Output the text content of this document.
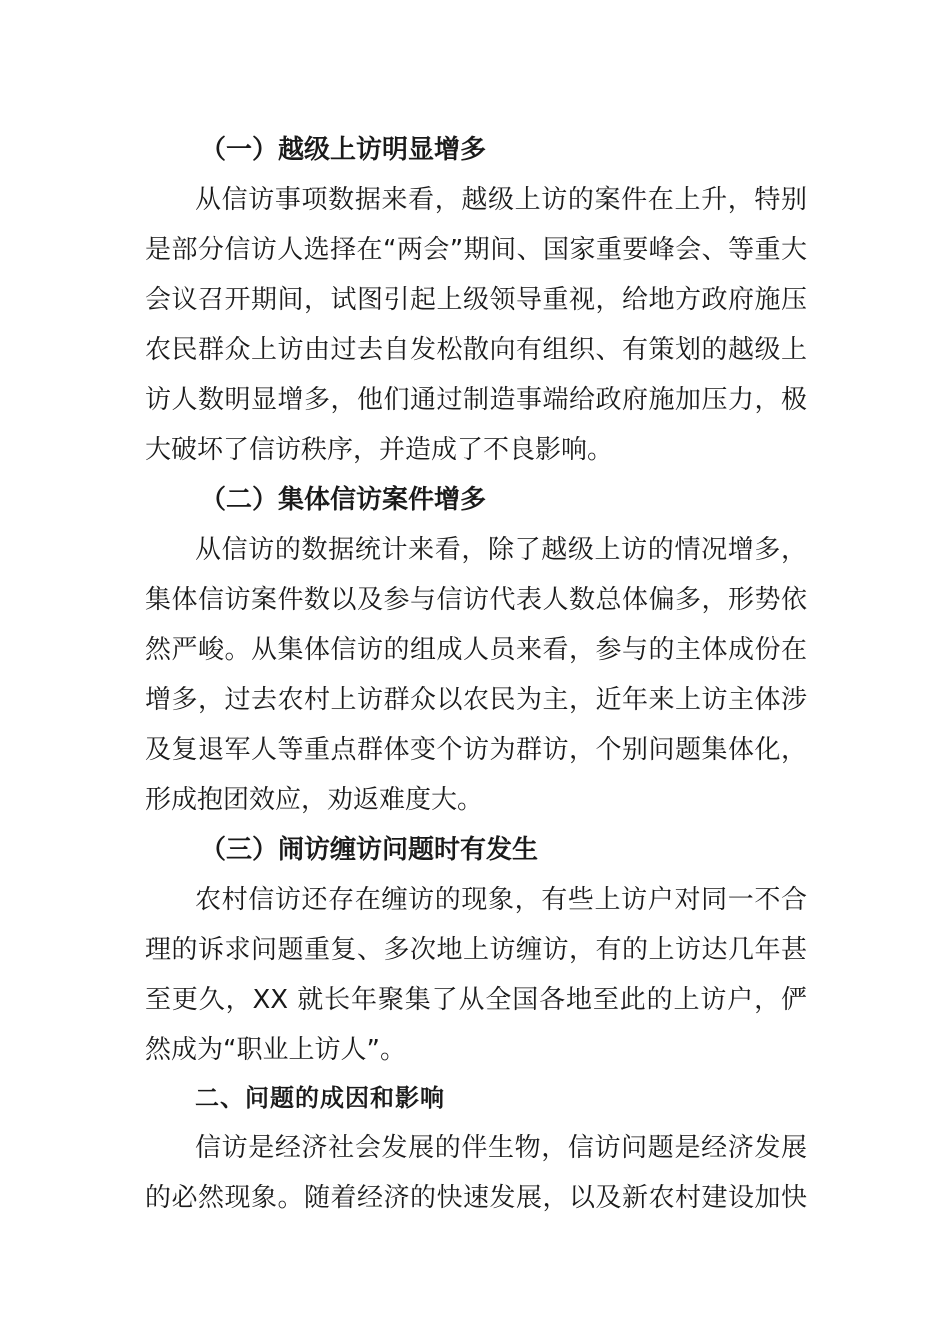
（一）越级上访明显增多
从信访事项数据来看，越级上访的案件在上升，特别
是部分信访人选择在“两会”期间、国家重要峰会、等重大
会议召开期间，试图引起上级领导重视，给地方政府施压
农民群众上访由过去自发松散向有组织、有策划的越级上
访人数明显增多，他们通过制造事端给政府施加压力，极
大破坏了信访秩序，并造成了不良影响。
（二）集体信访案件增多
从信访的数据统计来看，除了越级上访的情况增多，
集体信访案件数以及参与信访代表人数总体偏多，形势依
然严峻。从集体信访的组成人员来看，参与的主体成份在
增多，过去农村上访群众以农民为主，近年来上访主体涉
及复退军人等重点群体变个访为群访，个别问题集体化，
形成抱团效应，劝返难度大。
（三）闹访缠访问题时有发生
农村信访还存在缠访的现象，有些上访户对同一不合
理的诉求问题重复、多次地上访缠访，有的上访达几年甚
至更久，XX 就长年聚集了从全国各地至此的上访户，俨
然成为“职业上访人”。
二、问题的成因和影响
信访是经济社会发展的伴生物，信访问题是经济发展
的必然现象。随着经济的快速发展，以及新农村建设加快
